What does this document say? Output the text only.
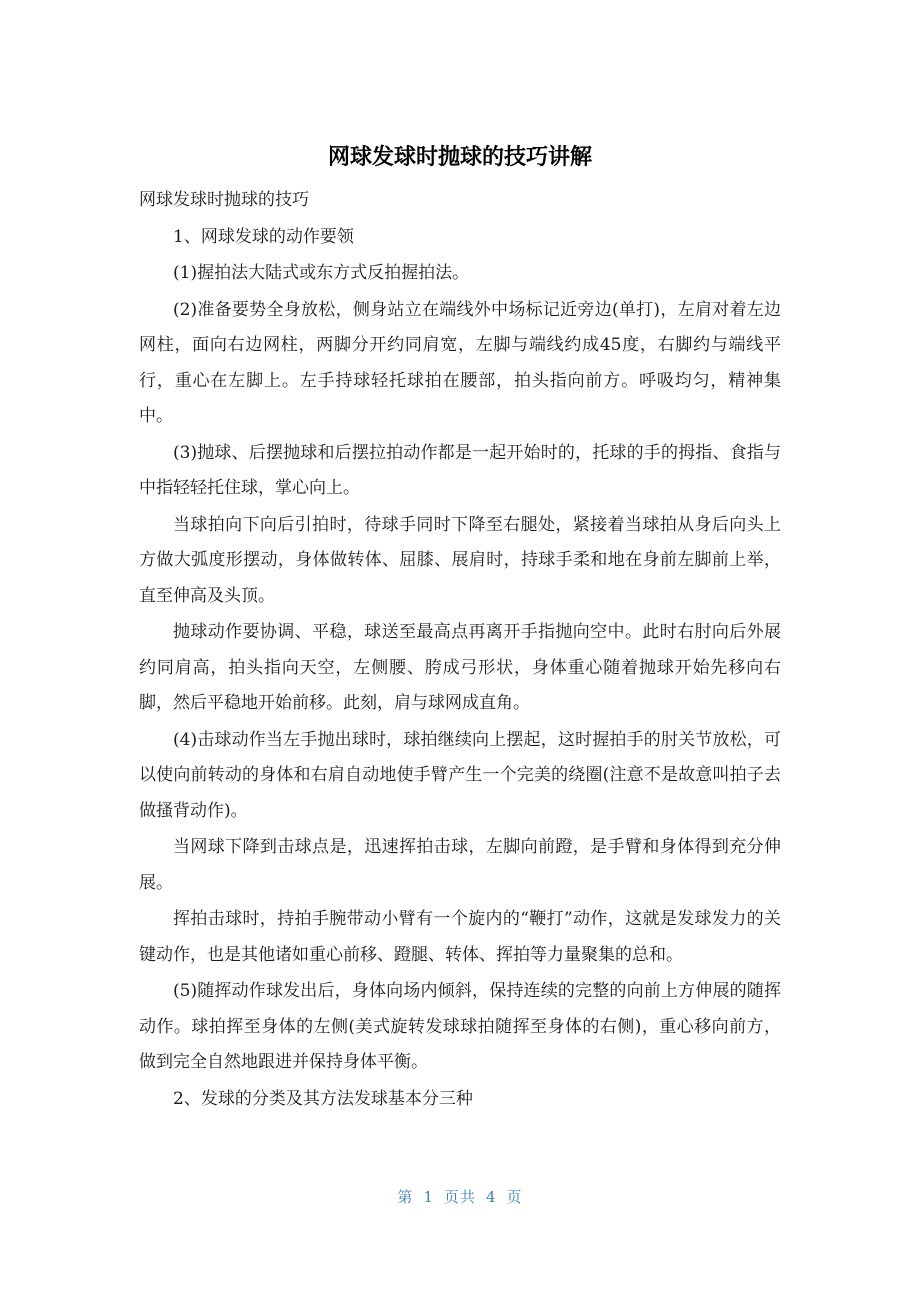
网球发球时抛球的技巧讲解

网球发球时抛球的技巧

1、网球发球的动作要领

(1)握拍法大陆式或东方式反拍握拍法。

(2)准备要势全身放松，侧身站立在端线外中场标记近旁边(单打)，左肩对着左边网柱，面向右边网柱，两脚分开约同肩宽，左脚与端线约成45度，右脚约与端线平行，重心在左脚上。左手持球轻托球拍在腰部，拍头指向前方。呼吸均匀，精神集中。

(3)抛球、后摆抛球和后摆拉拍动作都是一起开始时的，托球的手的拇指、食指与中指轻轻托住球，掌心向上。

当球拍向下向后引拍时，待球手同时下降至右腿处，紧接着当球拍从身后向头上方做大弧度形摆动，身体做转体、屈膝、展肩时，持球手柔和地在身前左脚前上举，直至伸高及头顶。

抛球动作要协调、平稳，球送至最高点再离开手指抛向空中。此时右肘向后外展约同肩高，拍头指向天空，左侧腰、胯成弓形状，身体重心随着抛球开始先移向右脚，然后平稳地开始前移。此刻，肩与球网成直角。

(4)击球动作当左手抛出球时，球拍继续向上摆起，这时握拍手的肘关节放松，可以使向前转动的身体和右肩自动地使手臂产生一个完美的绕圈(注意不是故意叫拍子去做搔背动作)。

当网球下降到击球点是，迅速挥拍击球，左脚向前蹬，是手臂和身体得到充分伸展。

挥拍击球时，持拍手腕带动小臂有一个旋内的“鞭打”动作，这就是发球发力的关键动作，也是其他诸如重心前移、蹬腿、转体、挥拍等力量聚集的总和。

(5)随挥动作球发出后，身体向场内倾斜，保持连续的完整的向前上方伸展的随挥动作。球拍挥至身体的左侧(美式旋转发球球拍随挥至身体的右侧)，重心移向前方，做到完全自然地跟进并保持身体平衡。

2、发球的分类及其方法发球基本分三种

第 1 页共 4 页
